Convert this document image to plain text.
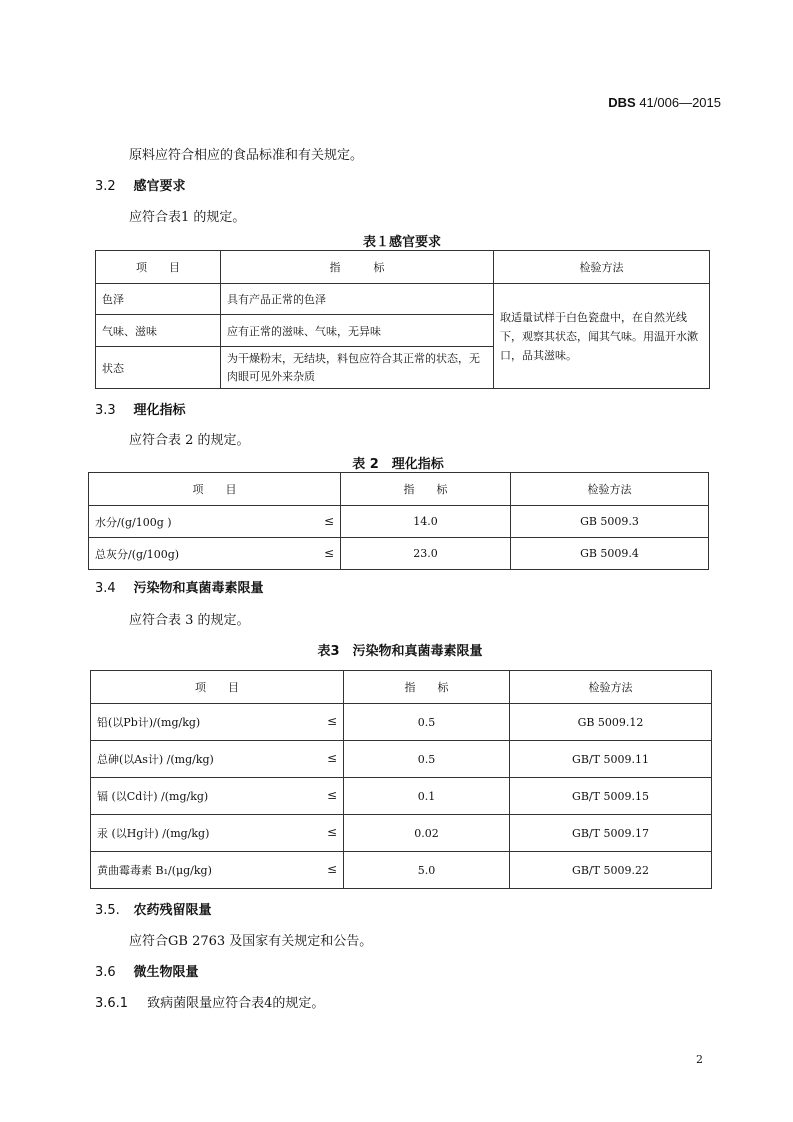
DBS 41/006—2015
原料应符合相应的食品标准和有关规定。
3.2 感官要求
应符合表1 的规定。
表１感官要求
项　　目	指　　　标	检验方法
色泽	具有产品正常的色泽	取适量试样于白色瓷盘中，在自然光线下，观察其状态，闻其气味。用温开水漱口，品其滋味。
气味、滋味	应有正常的滋味、气味，无异味	
状态	为干燥粉末，无结块，料包应符合其正常的状态，无肉眼可见外来杂质	
3.3 理化指标
应符合表 2 的规定。
表 2　理化指标
项　　目	指　　标	检验方法
水分/(g/100g ) ≤	14.0	GB 5009.3
总灰分/(g/100g) ≤	23.0	GB 5009.4
3.4 污染物和真菌毒素限量
应符合表 3 的规定。
表3　污染物和真菌毒素限量
项　　目	指　　标	检验方法
铅(以Pb计)/(mg/kg) ≤	0.5	GB 5009.12
总砷(以As计) /(mg/kg) ≤	0.5	GB/T 5009.11
镉 (以Cd计) /(mg/kg) ≤	0.1	GB/T 5009.15
汞 (以Hg计) /(mg/kg) ≤	0.02	GB/T 5009.17
黄曲霉毒素 B₁/(μg/kg) ≤	5.0	GB/T 5009.22
3.5. 农药残留限量
应符合GB 2763 及国家有关规定和公告。
3.6 微生物限量
3.6.1 致病菌限量应符合表4的规定。
2
